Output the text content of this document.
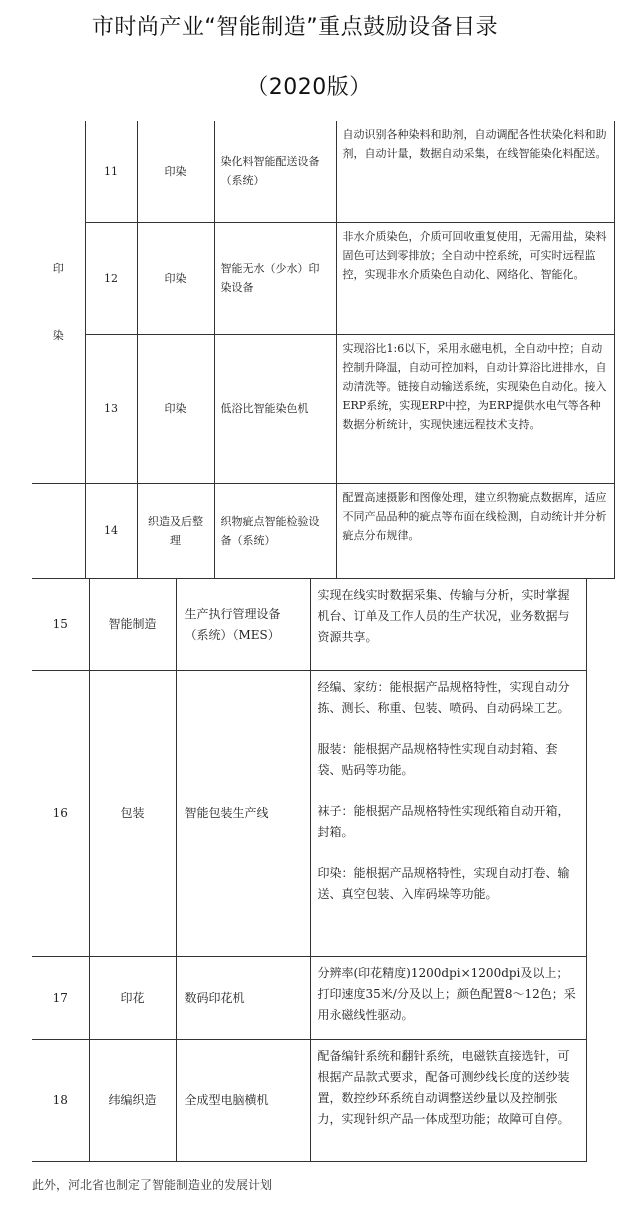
市时尚产业“智能制造”重点鼓励设备目录
（2020版）
印
染	11	印染	染化料智能配送设备（系统）	自动识别各种染料和助剂，自动调配各性状染化料和助剂，自动计量，数据自动采集，在线智能染化料配送。
	12	印染	智能无水（少水）印染设备	非水介质染色，介质可回收重复使用，无需用盐，染料固色可达到零排放；全自动中控系统，可实时远程监控，实现非水介质染色自动化、网络化、智能化。
	13	印染	低浴比智能染色机	实现浴比1:6以下，采用永磁电机，全自动中控；自动控制升降温，自动可控加料，自动计算浴比进排水，自动清洗等。链接自动输送系统，实现染色自动化。接入ERP系统，实现ERP中控，为ERP提供水电气等各种数据分析统计，实现快速远程技术支持。
	14	织造及后整理	织物疵点智能检验设备（系统）	配置高速摄影和图像处理，建立织物疵点数据库，适应不同产品品种的疵点等布面在线检测，自动统计并分析疵点分布规律。
15	智能制造	生产执行管理设备（系统）（MES）	实现在线实时数据采集、传输与分析，实时掌握机台、订单及工作人员的生产状况，业务数据与资源共享。

16	包装	智能包装生产线	经编、家纺：能根据产品规格特性，实现自动分拣、测长、称重、包装、喷码、自动码垛工艺。

服装：能根据产品规格特性实现自动封箱、套袋、贴码等功能。

袜子：能根据产品规格特性实现纸箱自动开箱，封箱。

印染：能根据产品规格特性，实现自动打卷、输送、真空包装、入库码垛等功能。

17	印花	数码印花机	分辨率(印花精度)1200dpi×1200dpi及以上；打印速度35米/分及以上；颜色配置8～12色；采用永磁线性驱动。

18	纬编织造	全成型电脑横机	配备编针系统和翻针系统，电磁铁直接选针，可根据产品款式要求，配备可测纱线长度的送纱装置，数控纱环系统自动调整送纱量以及控制张力，实现针织产品一体成型功能；故障可自停。

此外，河北省也制定了智能制造业的发展计划
